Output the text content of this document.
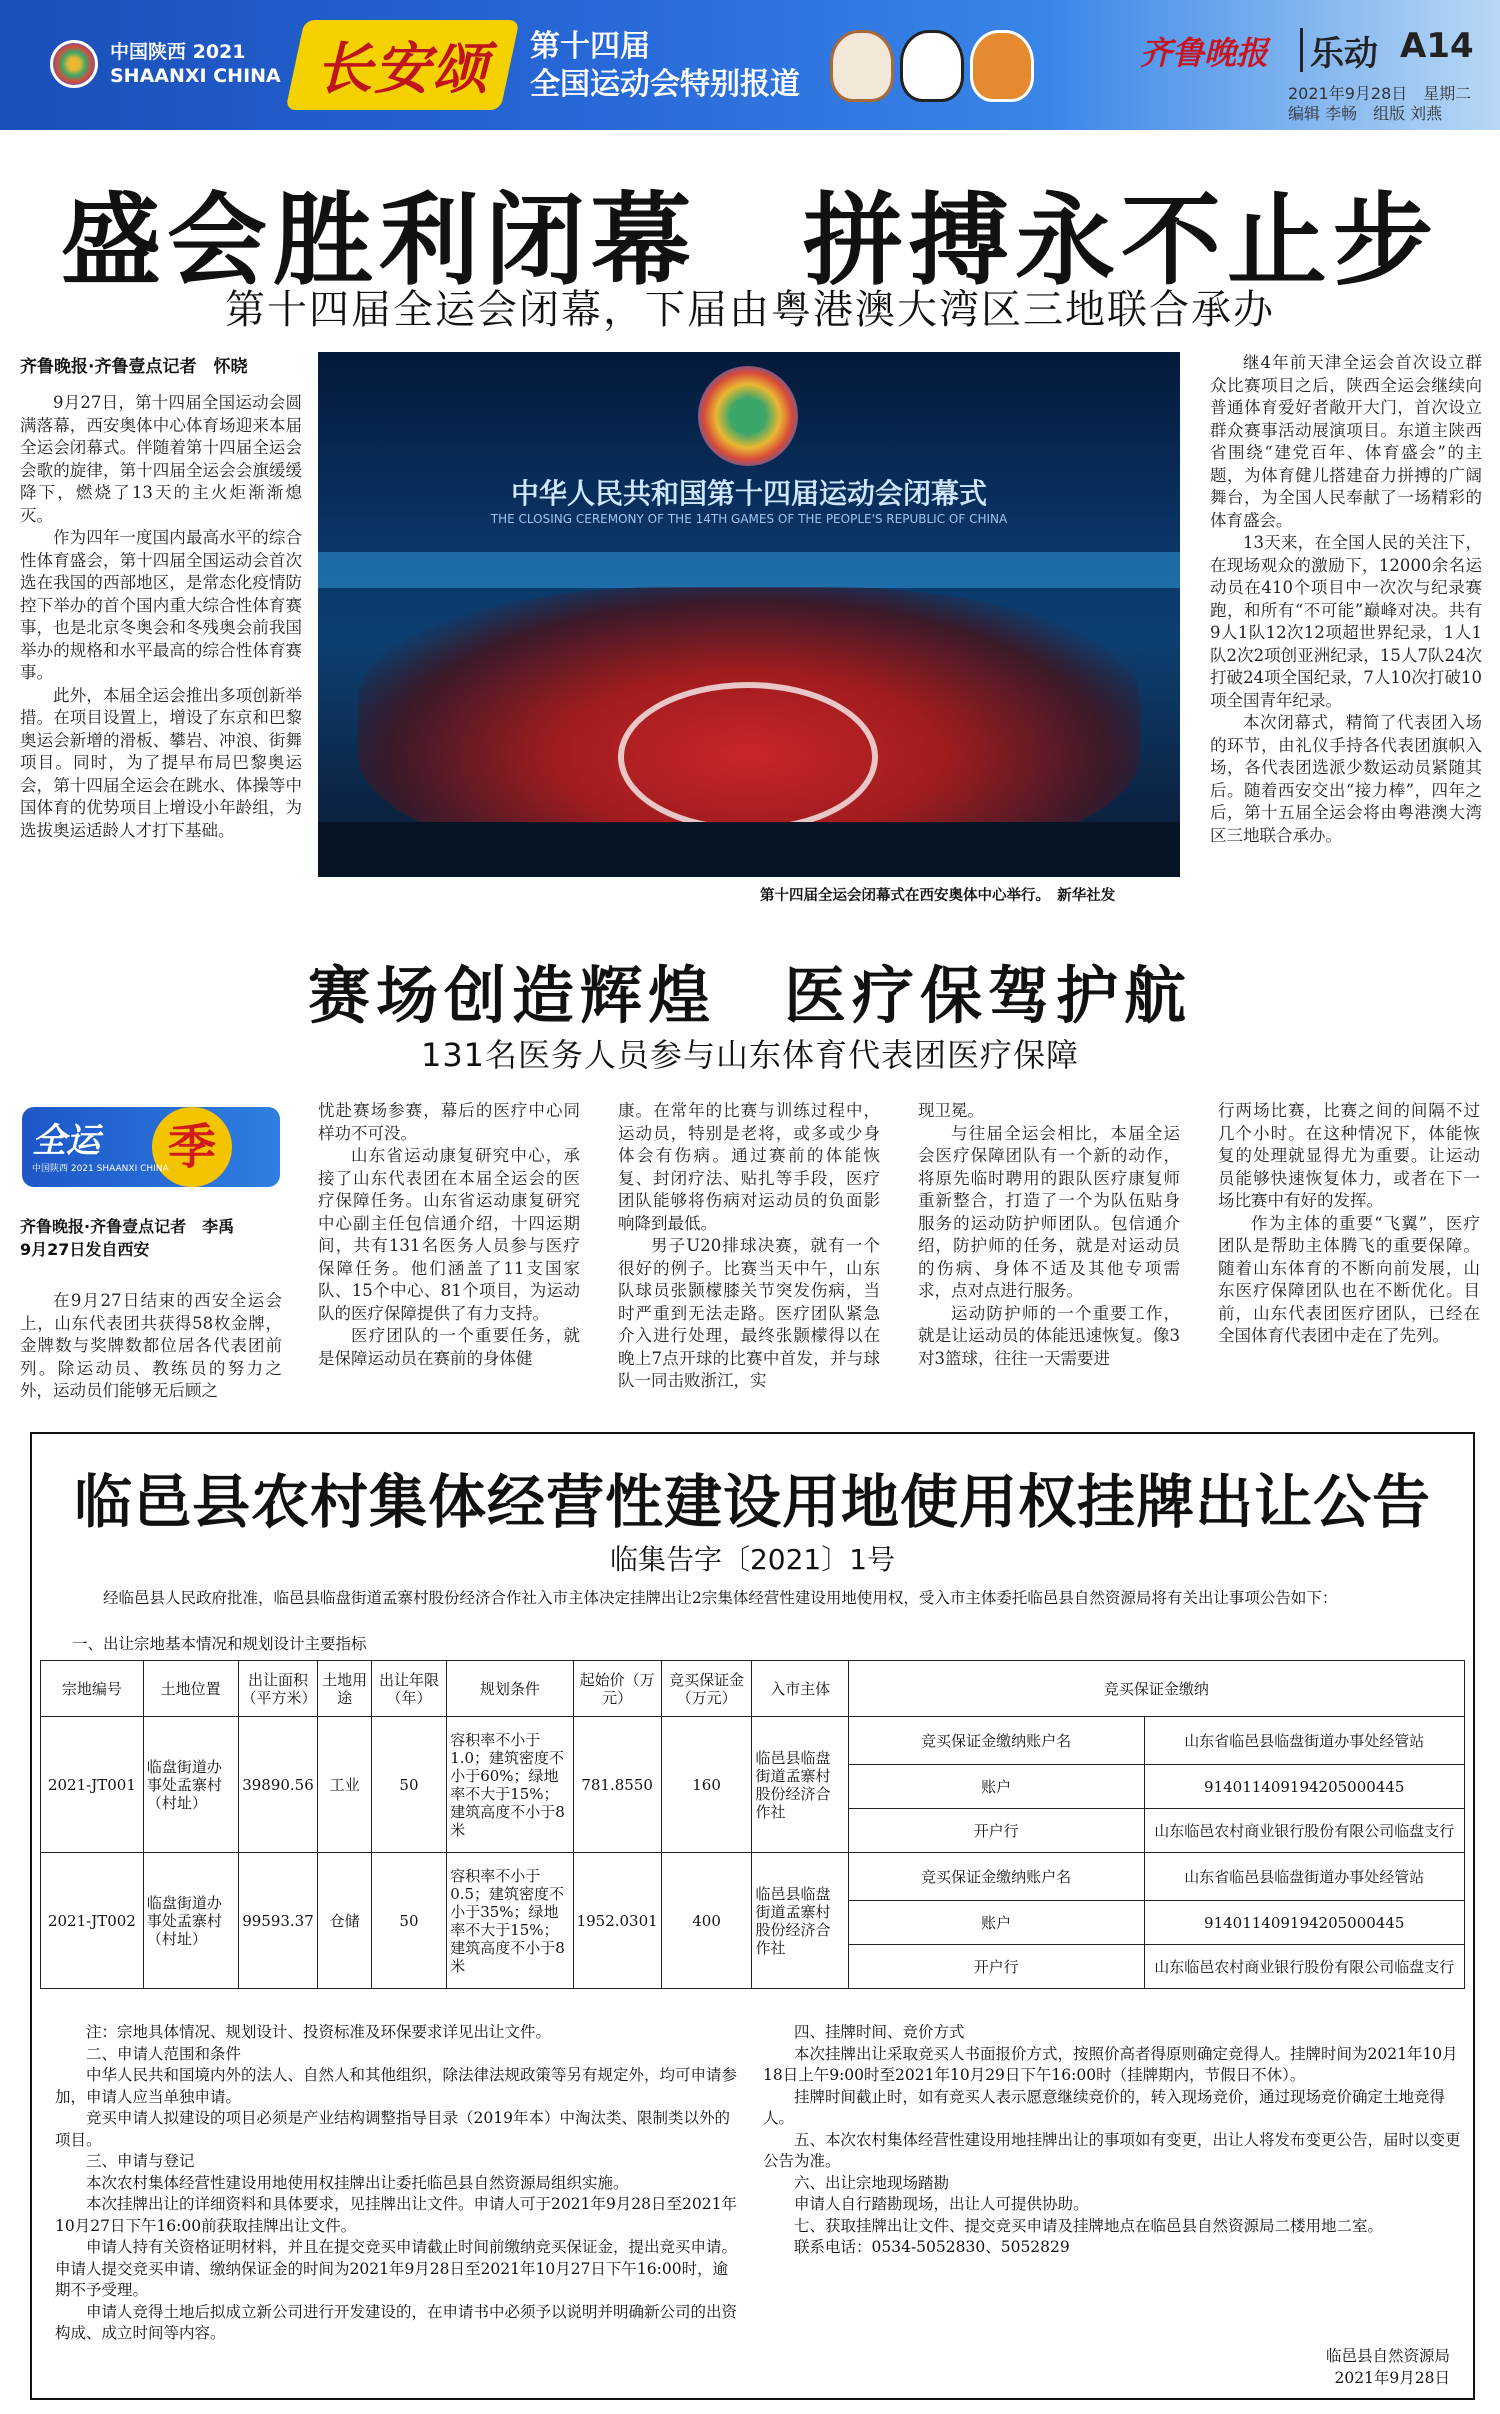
中国陕西 2021
SHAANXI CHINA 长安颂 第十四届
全国运动会特别报道
齐鲁晚报 乐动 A14
2021年9月28日　星期二
编辑 李畅　组版 刘燕
盛会胜利闭幕　拼搏永不止步
第十四届全运会闭幕，下届由粤港澳大湾区三地联合承办
齐鲁晚报·齐鲁壹点记者　怀晓

9月27日，第十四届全国运动会圆满落幕，西安奥体中心体育场迎来本届全运会闭幕式。伴随着第十四届全运会会歌的旋律，第十四届全运会会旗缓缓降下，燃烧了13天的主火炬渐渐熄灭。

作为四年一度国内最高水平的综合性体育盛会，第十四届全国运动会首次选在我国的西部地区，是常态化疫情防控下举办的首个国内重大综合性体育赛事，也是北京冬奥会和冬残奥会前我国举办的规格和水平最高的综合性体育赛事。

此外，本届全运会推出多项创新举措。在项目设置上，增设了东京和巴黎奥运会新增的滑板、攀岩、冲浪、街舞项目。同时，为了提早布局巴黎奥运会，第十四届全运会在跳水、体操等中国体育的优势项目上增设小年龄组，为选拔奥运适龄人才打下基础。

中华人民共和国第十四届运动会闭幕式
THE CLOSING CEREMONY OF THE 14TH GAMES OF THE PEOPLE'S REPUBLIC OF CHINA
第十四届全运会闭幕式在西安奥体中心举行。　新华社发

继4年前天津全运会首次设立群众比赛项目之后，陕西全运会继续向普通体育爱好者敞开大门，首次设立群众赛事活动展演项目。东道主陕西省围绕“建党百年、体育盛会”的主题，为体育健儿搭建奋力拼搏的广阔舞台，为全国人民奉献了一场精彩的体育盛会。

13天来，在全国人民的关注下，在现场观众的激励下，12000余名运动员在410个项目中一次次与纪录赛跑，和所有“不可能”巅峰对决。共有9人1队12次12项超世界纪录，1人1队2次2项创亚洲纪录，15人7队24次打破24项全国纪录，7人10次打破10项全国青年纪录。

本次闭幕式，精简了代表团入场的环节，由礼仪手持各代表团旗帜入场，各代表团选派少数运动员紧随其后。随着西安交出“接力棒”，四年之后，第十五届全运会将由粤港澳大湾区三地联合承办。

赛场创造辉煌　医疗保驾护航
131名医务人员参与山东体育代表团医疗保障
全运	季
中国陕西 2021 SHAANXI CHINA
齐鲁晚报·齐鲁壹点记者　李禹
9月27日发自西安

在9月27日结束的西安全运会上，山东代表团共获得58枚金牌，金牌数与奖牌数都位居各代表团前列。除运动员、教练员的努力之外，运动员们能够无后顾之

忧赴赛场参赛，幕后的医疗中心同样功不可没。

山东省运动康复研究中心，承接了山东代表团在本届全运会的医疗保障任务。山东省运动康复研究中心副主任包信通介绍，十四运期间，共有131名医务人员参与医疗保障任务。他们涵盖了11支国家队、15个中心、81个项目，为运动队的医疗保障提供了有力支持。

医疗团队的一个重要任务，就是保障运动员在赛前的身体健

康。在常年的比赛与训练过程中，运动员，特别是老将，或多或少身体会有伤病。通过赛前的体能恢复、封闭疗法、贴扎等手段，医疗团队能够将伤病对运动员的负面影响降到最低。

男子U20排球决赛，就有一个很好的例子。比赛当天中午，山东队球员张颢檬膝关节突发伤病，当时严重到无法走路。医疗团队紧急介入进行处理，最终张颢檬得以在晚上7点开球的比赛中首发，并与球队一同击败浙江，实

现卫冕。

与往届全运会相比，本届全运会医疗保障团队有一个新的动作，将原先临时聘用的跟队医疗康复师重新整合，打造了一个为队伍贴身服务的运动防护师团队。包信通介绍，防护师的任务，就是对运动员的伤病、身体不适及其他专项需求，点对点进行服务。

运动防护师的一个重要工作，就是让运动员的体能迅速恢复。像3对3篮球，往往一天需要进

行两场比赛，比赛之间的间隔不过几个小时。在这种情况下，体能恢复的处理就显得尤为重要。让运动员能够快速恢复体力，或者在下一场比赛中有好的发挥。

作为主体的重要“飞翼”，医疗团队是帮助主体腾飞的重要保障。随着山东体育的不断向前发展，山东医疗保障团队也在不断优化。目前，山东代表团医疗团队，已经在全国体育代表团中走在了先列。

临邑县农村集体经营性建设用地使用权挂牌出让公告
临集告字〔2021〕1号
经临邑县人民政府批准，临邑县临盘街道孟寨村股份经济合作社入市主体决定挂牌出让2宗集体经营性建设用地使用权，受入市主体委托临邑县自然资源局将有关出让事项公告如下：
一、出让宗地基本情况和规划设计主要指标
宗地编号	土地位置	出让面积（平方米）	土地用途	出让年限（年）	规划条件	起始价（万元）	竞买保证金（万元）	入市主体	竞买保证金缴纳	
2021-JT001	临盘街道办事处孟寨村（村址）	39890.56	工业	50	容积率不小于1.0；建筑密度不小于60%；绿地率不大于15%；建筑高度不小于8米	781.8550	160	临邑县临盘街道孟寨村股份经济合作社	竞买保证金缴纳账户名	山东省临邑县临盘街道办事处经管站
									账户	914011409194205000445
									开户行	山东临邑农村商业银行股份有限公司临盘支行
2021-JT002	临盘街道办事处孟寨村（村址）	99593.37	仓储	50	容积率不小于0.5；建筑密度不小于35%；绿地率不大于15%；建筑高度不小于8米	1952.0301	400	临邑县临盘街道孟寨村股份经济合作社	竞买保证金缴纳账户名	山东省临邑县临盘街道办事处经管站
									账户	914011409194205000445
									开户行	山东临邑农村商业银行股份有限公司临盘支行
注：宗地具体情况、规划设计、投资标准及环保要求详见出让文件。
二、申请人范围和条件
中华人民共和国境内外的法人、自然人和其他组织，除法律法规政策等另有规定外，均可申请参加，申请人应当单独申请。
竞买申请人拟建设的项目必须是产业结构调整指导目录（2019年本）中淘汰类、限制类以外的项目。
三、申请与登记
本次农村集体经营性建设用地使用权挂牌出让委托临邑县自然资源局组织实施。
本次挂牌出让的详细资料和具体要求，见挂牌出让文件。申请人可于2021年9月28日至2021年10月27日下午16:00前获取挂牌出让文件。
申请人持有关资格证明材料，并且在提交竞买申请截止时间前缴纳竞买保证金，提出竞买申请。申请人提交竞买申请、缴纳保证金的时间为2021年9月28日至2021年10月27日下午16:00时，逾期不予受理。
申请人竞得土地后拟成立新公司进行开发建设的，在申请书中必须予以说明并明确新公司的出资构成、成立时间等内容。
四、挂牌时间、竞价方式
本次挂牌出让采取竞买人书面报价方式，按照价高者得原则确定竞得人。挂牌时间为2021年10月18日上午9:00时至2021年10月29日下午16:00时（挂牌期内，节假日不休）。
挂牌时间截止时，如有竞买人表示愿意继续竞价的，转入现场竞价，通过现场竞价确定土地竞得人。
五、本次农村集体经营性建设用地挂牌出让的事项如有变更，出让人将发布变更公告，届时以变更公告为准。
六、出让宗地现场踏勘
申请人自行踏勘现场，出让人可提供协助。
七、获取挂牌出让文件、提交竞买申请及挂牌地点在临邑县自然资源局二楼用地二室。
联系电话：0534-5052830、5052829
临邑县自然资源局
2021年9月28日
